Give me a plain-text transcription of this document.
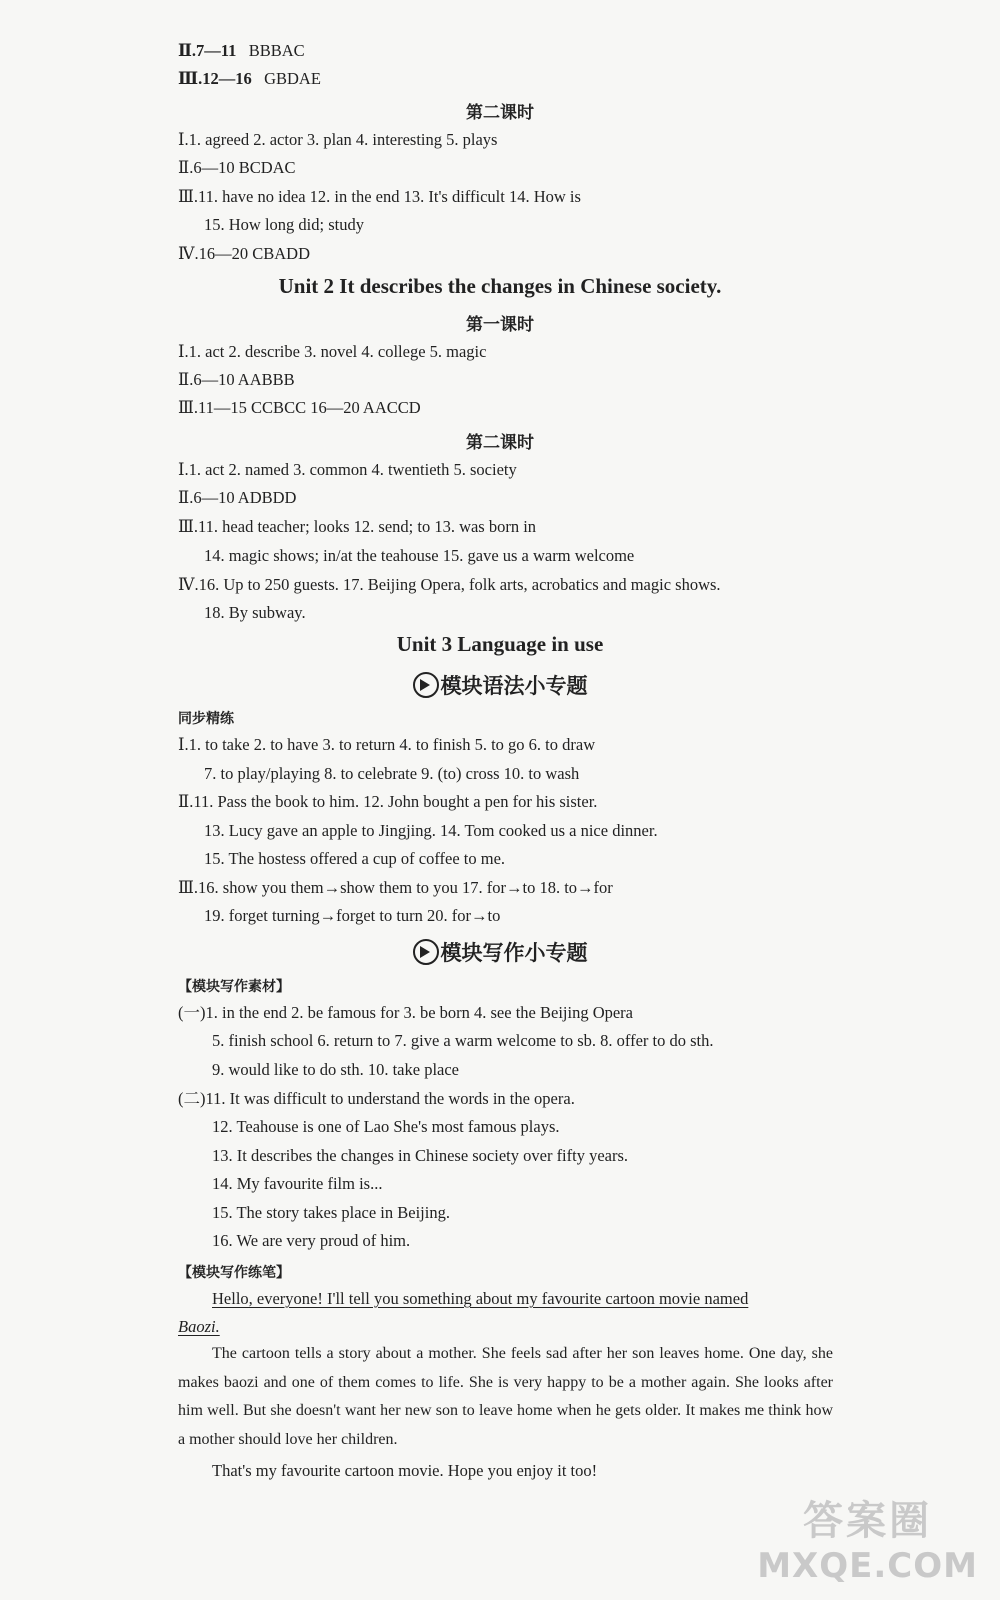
Ⅱ.7—11 BBBAC
Ⅲ.12—16 GBDAE
第二课时
Ⅰ.1. agreed 2. actor 3. plan 4. interesting 5. plays
Ⅱ.6—10 BCDAC
Ⅲ.11. have no idea 12. in the end 13. It's difficult 14. How is
15. How long did; study
Ⅳ.16—20 CBADD
Unit 2 It describes the changes in Chinese society.
第一课时
Ⅰ.1. act 2. describe 3. novel 4. college 5. magic
Ⅱ.6—10 AABBB
Ⅲ.11—15 CCBCC 16—20 AACCD
第二课时
Ⅰ.1. act 2. named 3. common 4. twentieth 5. society
Ⅱ.6—10 ADBDD
Ⅲ.11. head teacher; looks 12. send; to 13. was born in
14. magic shows; in/at the teahouse 15. gave us a warm welcome
Ⅳ.16. Up to 250 guests. 17. Beijing Opera, folk arts, acrobatics and magic shows.
18. By subway.
Unit 3 Language in use
模块语法小专题
同步精练
Ⅰ.1. to take 2. to have 3. to return 4. to finish 5. to go 6. to draw
7. to play/playing 8. to celebrate 9. (to) cross 10. to wash
Ⅱ.11. Pass the book to him. 12. John bought a pen for his sister.
13. Lucy gave an apple to Jingjing. 14. Tom cooked us a nice dinner.
15. The hostess offered a cup of coffee to me.
Ⅲ.16. show you them→show them to you 17. for→to 18. to→for
19. forget turning→forget to turn 20. for→to
模块写作小专题
【模块写作素材】
(一)1. in the end 2. be famous for 3. be born 4. see the Beijing Opera
5. finish school 6. return to 7. give a warm welcome to sb. 8. offer to do sth.
9. would like to do sth. 10. take place
(二)11. It was difficult to understand the words in the opera.
12. Teahouse is one of Lao She's most famous plays.
13. It describes the changes in Chinese society over fifty years.
14. My favourite film is...
15. The story takes place in Beijing.
16. We are very proud of him.
【模块写作练笔】
Hello, everyone! I'll tell you something about my favourite cartoon movie named
Baozi.
The cartoon tells a story about a mother. She feels sad after her son leaves home. One day, she makes baozi and one of them comes to life. She is very happy to be a mother again. She looks after him well. But she doesn't want her new son to leave home when he gets older. It makes me think how a mother should love her children.
That's my favourite cartoon movie. Hope you enjoy it too!
答案圈
MXQE.COM
